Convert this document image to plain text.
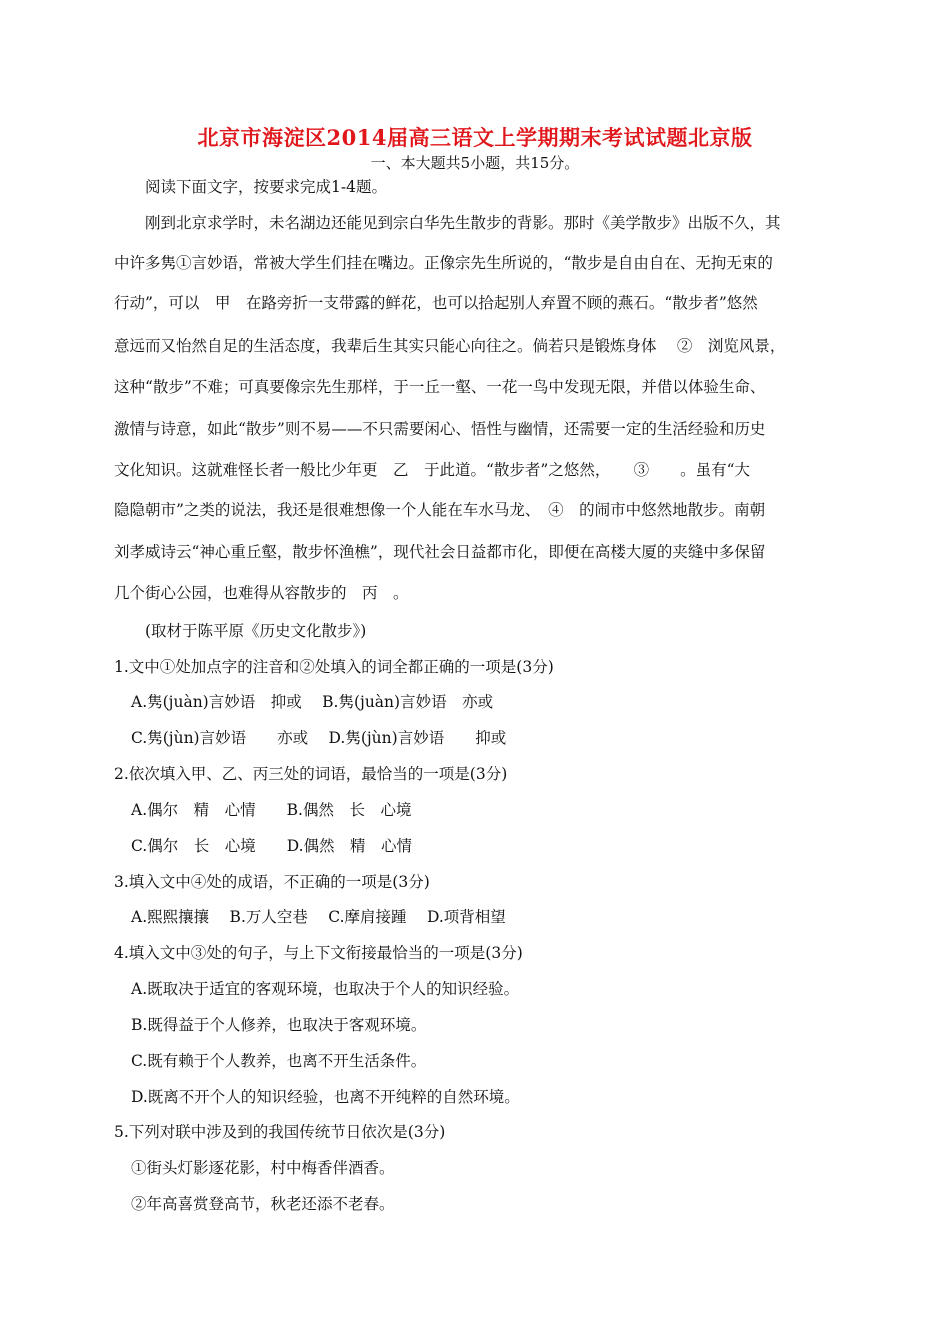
北京市海淀区2014届高三语文上学期期末考试试题北京版
一、本大题共5小题，共15分。
阅读下面文字，按要求完成1-4题。
刚到北京求学时，未名湖边还能见到宗白华先生散步的背影。那时《美学散步》出版不久，其
中许多隽①言妙语，常被大学生们挂在嘴边。正像宗先生所说的，“散步是自由自在、无拘无束的
行动”，可以　甲　在路旁折一支带露的鲜花，也可以拾起别人弃置不顾的燕石。“散步者”悠然
意远而又怡然自足的生活态度，我辈后生其实只能心向往之。倘若只是锻炼身体　 ②　浏览风景，
这种“散步”不难；可真要像宗先生那样，于一丘一壑、一花一鸟中发现无限，并借以体验生命、
激情与诗意，如此“散步”则不易——不只需要闲心、悟性与幽情，还需要一定的生活经验和历史
文化知识。这就难怪长者一般比少年更　乙　于此道。“散步者”之悠然，　　③　　。虽有“大
隐隐朝市”之类的说法，我还是很难想像一个人能在车水马龙、　④　的闹市中悠然地散步。南朝
刘孝威诗云“神心重丘壑，散步怀渔樵”，现代社会日益都市化，即便在高楼大厦的夹缝中多保留
几个街心公园，也难得从容散步的　丙　。
(取材于陈平原《历史文化散步》)
1.文中①处加点字的注音和②处填入的词全都正确的一项是(3分)
A.隽(juàn)言妙语　抑或　 B.隽(juàn)言妙语　亦或
C.隽(jùn)言妙语　　亦或　 D.隽(jùn)言妙语　　抑或
2.依次填入甲、乙、丙三处的词语，最恰当的一项是(3分)
A.偶尔　精　心情　　B.偶然　长　心境
C.偶尔　长　心境　　D.偶然　精　心情
3.填入文中④处的成语，不正确的一项是(3分)
A.熙熙攘攘　 B.万人空巷　 C.摩肩接踵　 D.项背相望
4.填入文中③处的句子，与上下文衔接最恰当的一项是(3分)
A.既取决于适宜的客观环境，也取决于个人的知识经验。
B.既得益于个人修养，也取决于客观环境。
C.既有赖于个人教养，也离不开生活条件。
D.既离不开个人的知识经验，也离不开纯粹的自然环境。
5.下列对联中涉及到的我国传统节日依次是(3分)
①街头灯影逐花影，村中梅香伴酒香。
②年高喜赏登高节，秋老还添不老春。
